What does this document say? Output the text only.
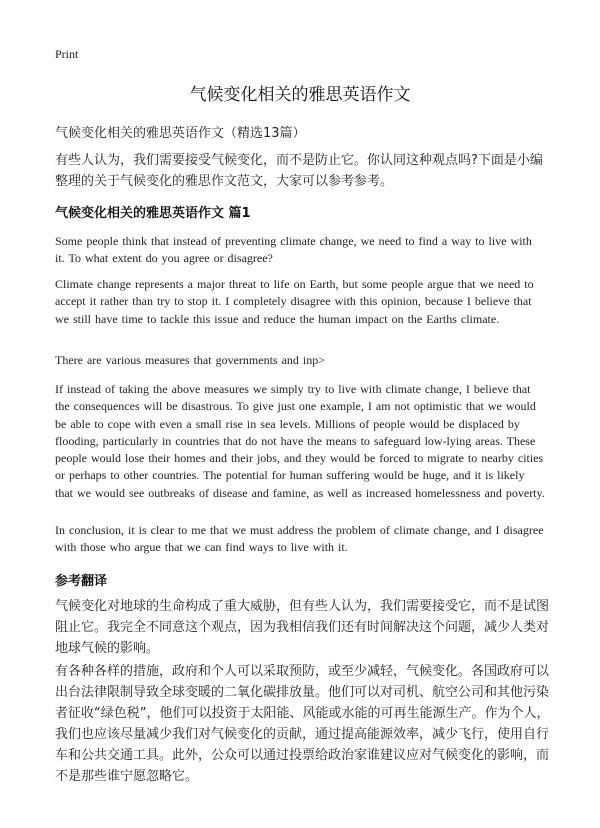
Print
气候变化相关的雅思英语作文
气候变化相关的雅思英语作文（精选13篇）

有些人认为，我们需要接受气候变化，而不是防止它。你认同这种观点吗?下面是小编整理的关于气候变化的雅思作文范文，大家可以参考参考。

气候变化相关的雅思英语作文 篇1

Some people think that instead of preventing climate change, we need to find a way to live with it. To what extent do you agree or disagree?

Climate change represents a major threat to life on Earth, but some people argue that we need to accept it rather than try to stop it. I completely disagree with this opinion, because I believe that we still have time to tackle this issue and reduce the human impact on the Earths climate.

There are various measures that governments and inp>

If instead of taking the above measures we simply try to live with climate change, I believe that the consequences will be disastrous. To give just one example, I am not optimistic that we would be able to cope with even a small rise in sea levels. Millions of people would be displaced by flooding, particularly in countries that do not have the means to safeguard low-lying areas. These people would lose their homes and their jobs, and they would be forced to migrate to nearby cities or perhaps to other countries. The potential for human suffering would be huge, and it is likely that we would see outbreaks of disease and famine, as well as increased homelessness and poverty.

In conclusion, it is clear to me that we must address the problem of climate change, and I disagree with those who argue that we can find ways to live with it.

参考翻译

气候变化对地球的生命构成了重大威胁，但有些人认为，我们需要接受它，而不是试图阻止它。我完全不同意这个观点，因为我相信我们还有时间解决这个问题，减少人类对地球气候的影响。

有各种各样的措施，政府和个人可以采取预防，或至少减轻，气候变化。各国政府可以出台法律限制导致全球变暖的二氧化碳排放量。他们可以对司机、航空公司和其他污染者征收“绿色税”，他们可以投资于太阳能、风能或水能的可再生能源生产。作为个人，我们也应该尽量减少我们对气候变化的贡献，通过提高能源效率，减少飞行，使用自行车和公共交通工具。此外，公众可以通过投票给政治家谁建议应对气候变化的影响，而不是那些谁宁愿忽略它。
